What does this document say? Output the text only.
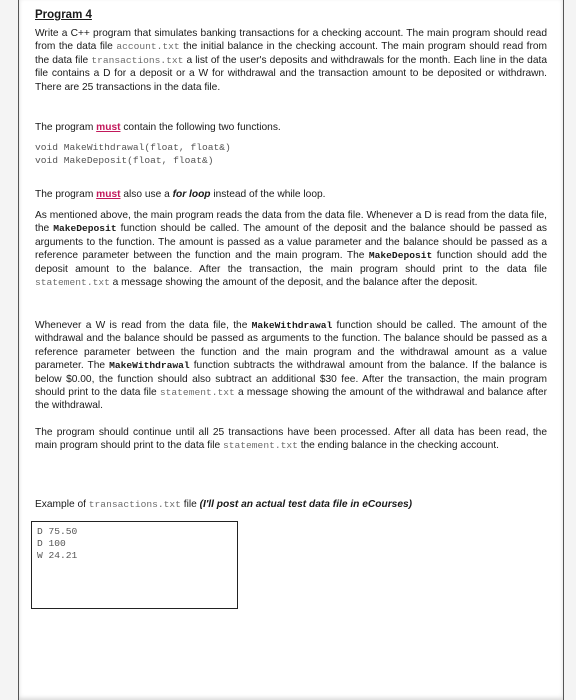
Program 4

Write a C++ program that simulates banking transactions for a checking account. The main program should read from the data file account.txt the initial balance in the checking account. The main program should read from the data file transactions.txt a list of the user's deposits and withdrawals for the month. Each line in the data file contains a D for a deposit or a W for withdrawal and the transaction amount to be deposited or withdrawn. There are 25 transactions in the data file.

The program must contain the following two functions.

void MakeWithdrawal(float, float&)
void MakeDeposit(float, float&)

The program must also use a for loop instead of the while loop.

As mentioned above, the main program reads the data from the data file. Whenever a D is read from the data file, the MakeDeposit function should be called. The amount of the deposit and the balance should be passed as arguments to the function. The amount is passed as a value parameter and the balance should be passed as a reference parameter between the function and the main program. The MakeDeposit function should add the deposit amount to the balance. After the transaction, the main program should print to the data file statement.txt a message showing the amount of the deposit, and the balance after the deposit.

Whenever a W is read from the data file, the MakeWithdrawal function should be called. The amount of the withdrawal and the balance should be passed as arguments to the function. The balance should be passed as a reference parameter between the function and the main program and the withdrawal amount as a value parameter. The MakeWithdrawal function subtracts the withdrawal amount from the balance. If the balance is below $0.00, the function should also subtract an additional $30 fee. After the transaction, the main program should print to the data file statement.txt a message showing the amount of the withdrawal and balance after the withdrawal.

The program should continue until all 25 transactions have been processed. After all data has been read, the main program should print to the data file statement.txt the ending balance in the checking account.

Example of transactions.txt file (I'll post an actual test data file in eCourses)

D 75.50
D 100
W 24.21
